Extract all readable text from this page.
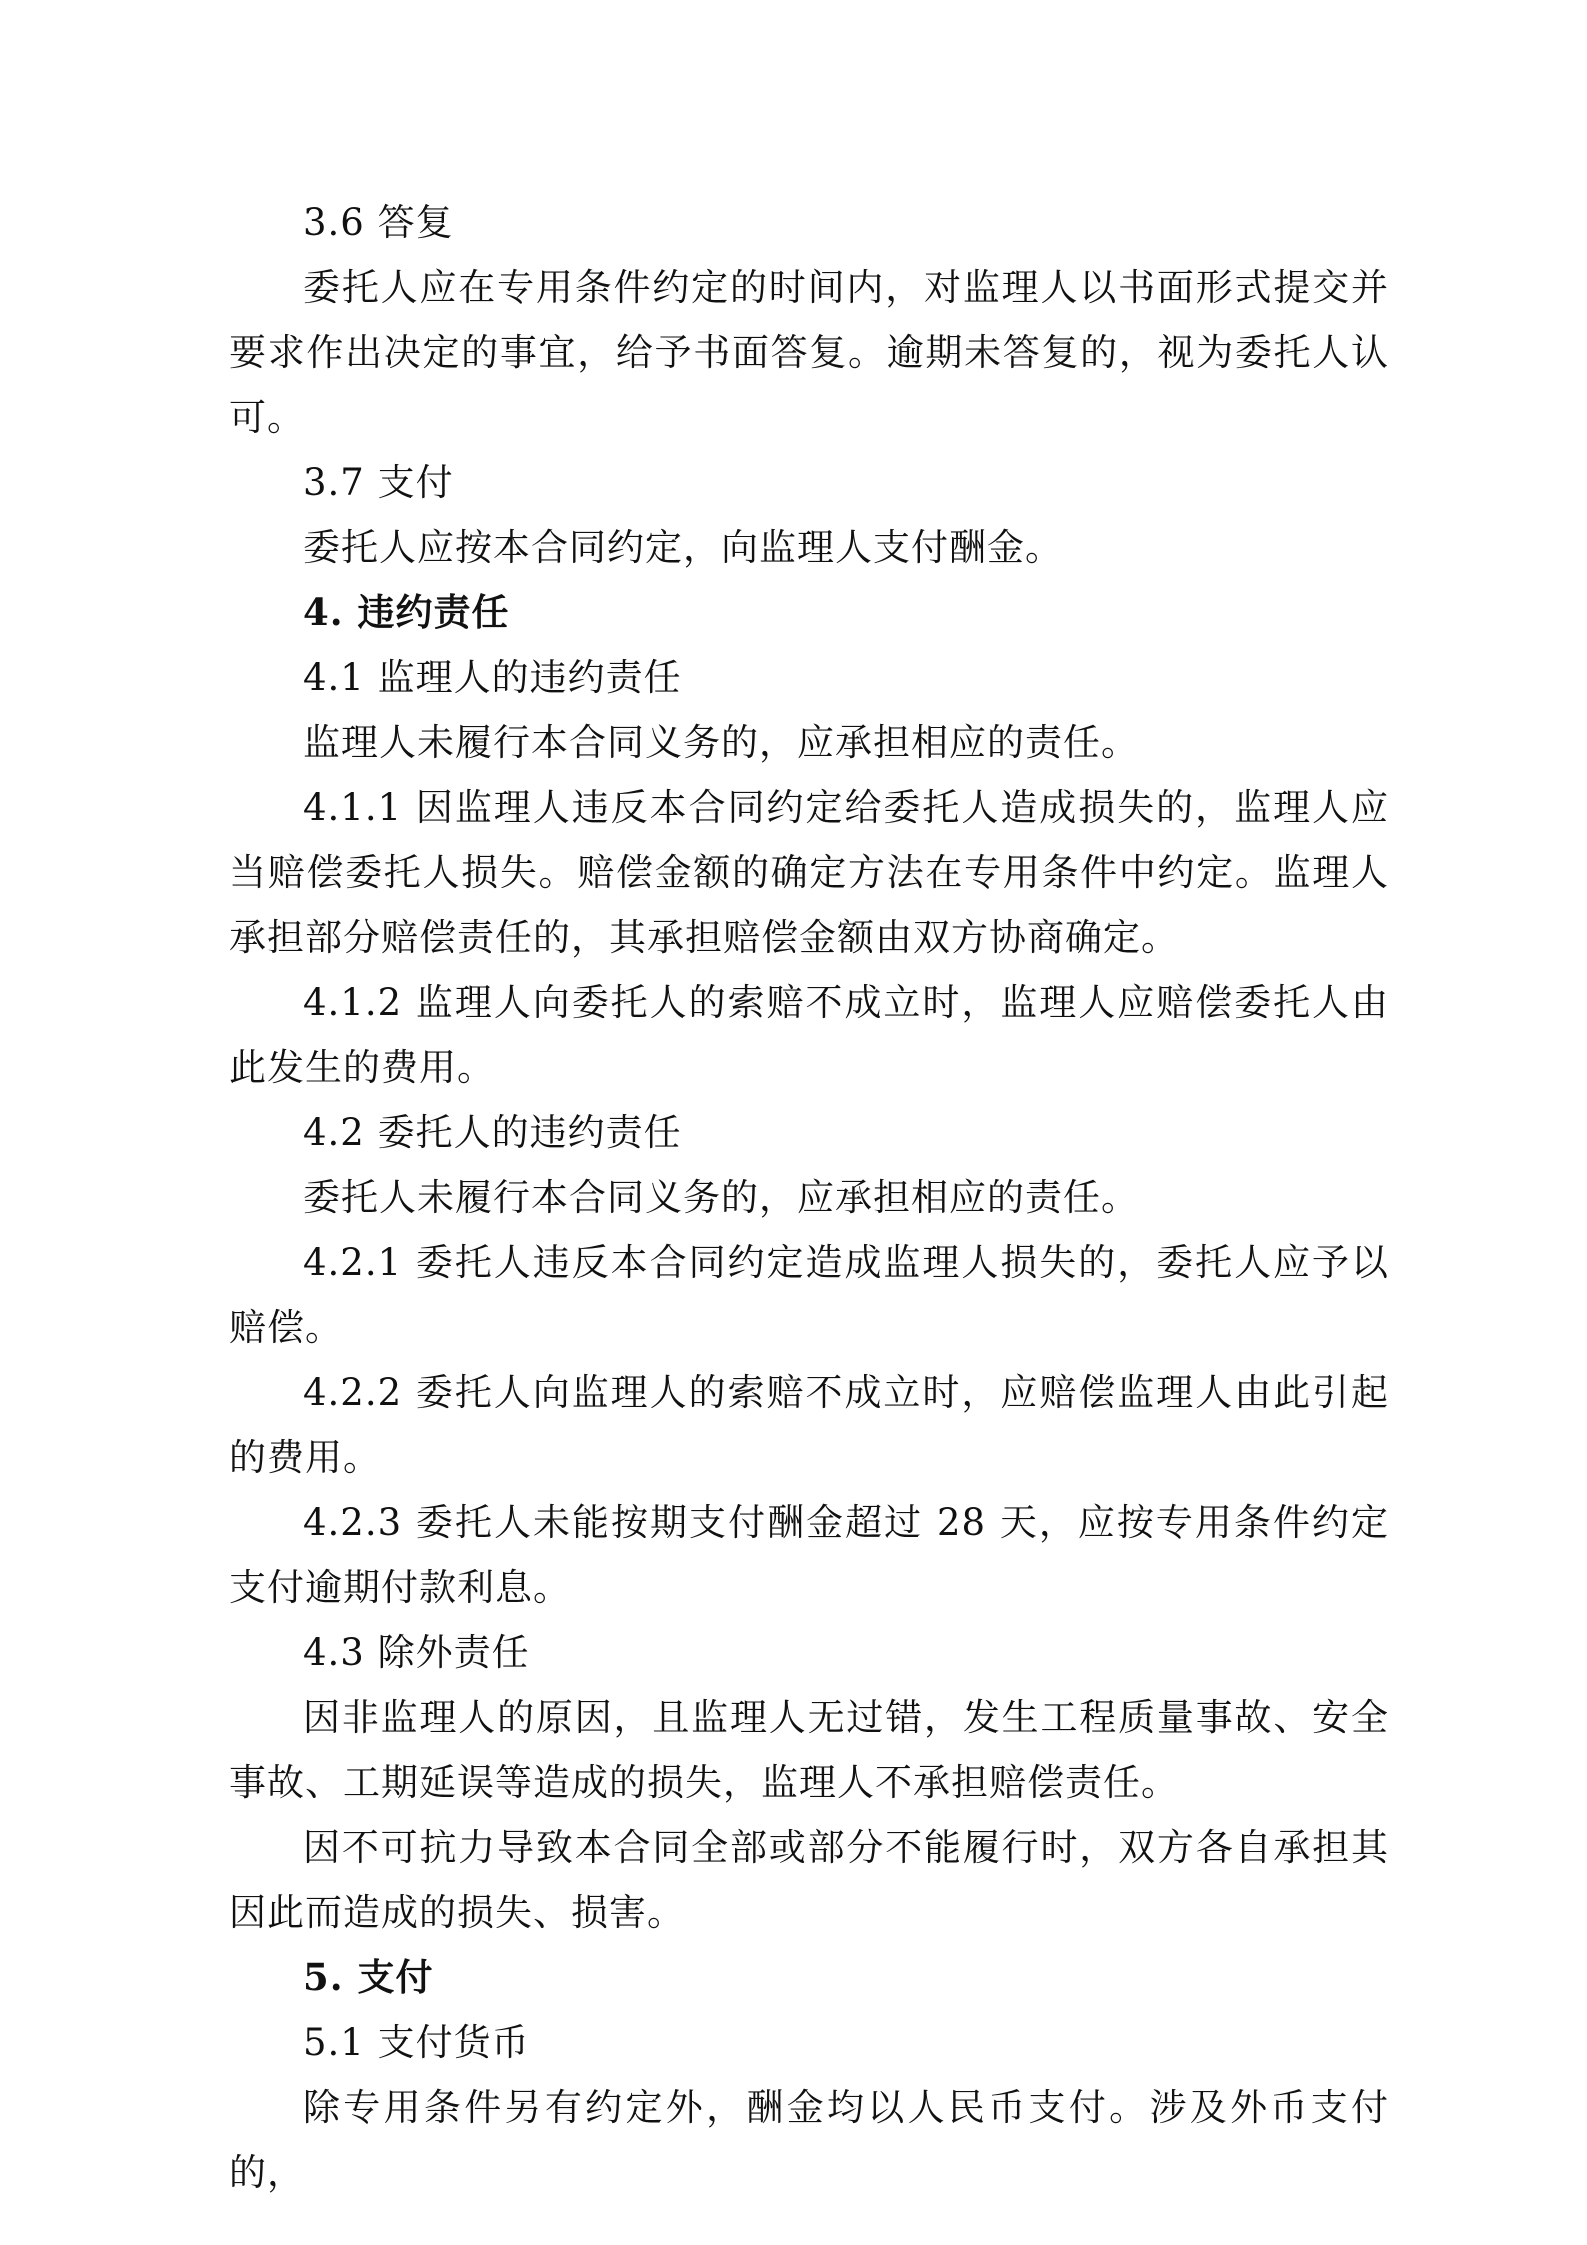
3.6 答复

委托人应在专用条件约定的时间内，对监理人以书面形式提交并要求作出决定的事宜，给予书面答复。逾期未答复的，视为委托人认可。

3.7 支付

委托人应按本合同约定，向监理人支付酬金。

4. 违约责任

4.1 监理人的违约责任

监理人未履行本合同义务的，应承担相应的责任。

4.1.1 因监理人违反本合同约定给委托人造成损失的，监理人应当赔偿委托人损失。赔偿金额的确定方法在专用条件中约定。监理人承担部分赔偿责任的，其承担赔偿金额由双方协商确定。

4.1.2 监理人向委托人的索赔不成立时，监理人应赔偿委托人由此发生的费用。

4.2 委托人的违约责任

委托人未履行本合同义务的，应承担相应的责任。

4.2.1 委托人违反本合同约定造成监理人损失的，委托人应予以赔偿。

4.2.2 委托人向监理人的索赔不成立时，应赔偿监理人由此引起的费用。

4.2.3 委托人未能按期支付酬金超过 28 天，应按专用条件约定支付逾期付款利息。

4.3 除外责任

因非监理人的原因，且监理人无过错，发生工程质量事故、安全事故、工期延误等造成的损失，监理人不承担赔偿责任。

因不可抗力导致本合同全部或部分不能履行时，双方各自承担其因此而造成的损失、损害。

5. 支付

5.1 支付货币

除专用条件另有约定外，酬金均以人民币支付。涉及外币支付的，
